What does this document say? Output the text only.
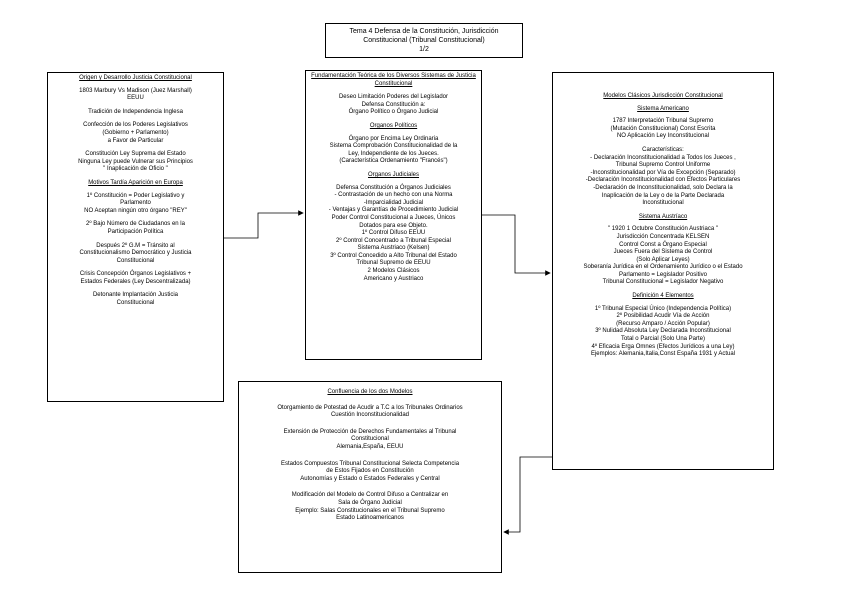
Tema 4 Defensa de la Constitución, Jurisdicción
Constitucional (Tribunal Constitucional)
1/2
Origen y Desarrollo Justicia Constitucional
1803 Marbury Vs Madison (Juez Marshall)
EEUU
Tradición de Independencia Inglesa
Confección de los Poderes Legislativos
(Gobierno + Parlamento)
a Favor de Particular
Constitución Ley Suprema del Estado
Ninguna Ley puede Vulnerar sus Principios
" Inaplicación de Oficio "
Motivos Tardía Aparición en Europa
1º Constitución = Poder Legislativo y
Parlamento
NO Aceptan ningún otro órgano "REY"
2º Bajo Número de Ciudadanos en la
Participación Política
Después 2º G.M = Tránsito al
Constitucionalismo Democrático y Justicia
Constitucional
Crisis Concepción Órganos Legislativos +
Estados Federales (Ley Descentralizada)
Detonante Implantación Justicia
Constitucional
Fundamentación Teórica de los Diversos Sistemas de Justicia Constitucional
Deseo Limitación Poderes del Legislador
Defensa Constitución a:
Órgano Político o Órgano Judicial
Organos Políticos
Órgano por Encima Ley Ordinaria
Sistema Comprobación Constitucionalidad de la
Ley, Independiente de los Jueces.
(Característica Ordenamiento "Francés")
Organos Judiciales
Defensa Constitución a Órganos Judiciales
- Contrastación de un hecho con una Norma
-Imparcialidad Judicial
- Ventajas y Garantías de Procedimiento Judicial
Poder Control Constitucional a Jueces, Únicos
Dotados para ese Objeto.
1º Control Difuso EEUU
2º Control Concentrado a Tribunal Especial
Sistema Austriaco (Kelsen)
3º Control Concedido a Alto Tribunal del Estado
Tribunal Supremo de EEUU
2 Modelos Clásicos
Americano y Austriaco
Modelos Clásicos Jurisdicción Constitucional
Sistema Americano
1787 Interpretación Tribunal Supremo
(Mutación Constitucional) Const Escrita
NO Aplicación Ley Inconstitucional
Características:
- Declaración Inconstitucionalidad a Todos los Jueces ,
Tribunal Supremo Control Uniforme
-Inconstitucionalidad por Vía de Excepción (Separado)
-Declaración Inconstitucionalidad con Efectos Particulares
-Declaración de Inconstitucionalidad, solo Declara la
Inaplicación de la Ley o de la Parte Declarada
Inconstitucional
Sistema Austríaco
" 1920 1 Octubre Constitución Austriaca "
Jurisdicción Concentrada KELSEN
Control Const a Órgano Especial
Jueces Fuera del Sistema de Control
(Solo Aplicar Leyes)
Soberanía Jurídica en el Ordenamiento Jurídico o el Estado
Parlamento = Legislador Positivo
Tribunal Constitucional = Legislador Negativo
Definición 4 Elementos
1º Tribunal Especial Único (Independencia Política)
2º Posibilidad Acudir Vía de Acción
(Recurso Amparo / Acción Popular)
3º Nulidad Absoluta Ley Declarada Inconstitucional
Total o Parcial (Solo Una Parte)
4º Eficacia Erga Omnes (Efectos Jurídicos a una Ley)
Ejemplos: Alemania,Italia,Const España 1931 y Actual
Confluencia de los dos Modelos
Otorgamiento de Potestad de Acudir a T.C a los Tribunales Ordinarios
Cuestión Inconstitucionalidad
Extensión de Protección de Derechos Fundamentales al Tribunal
Constitucional
Alemania,España, EEUU
Estados Compuestos Tribunal Constitucional Selecta Competencia
de Estos Fijados en Constitución
Autonomías y Estado o Estados Federales y Central
Modificación del Modelo de Control Difuso a Centralizar en
Sala de Órgano Judicial
Ejemplo: Salas Constitucionales en el Tribunal Supremo
Estado Latinoamericanos
